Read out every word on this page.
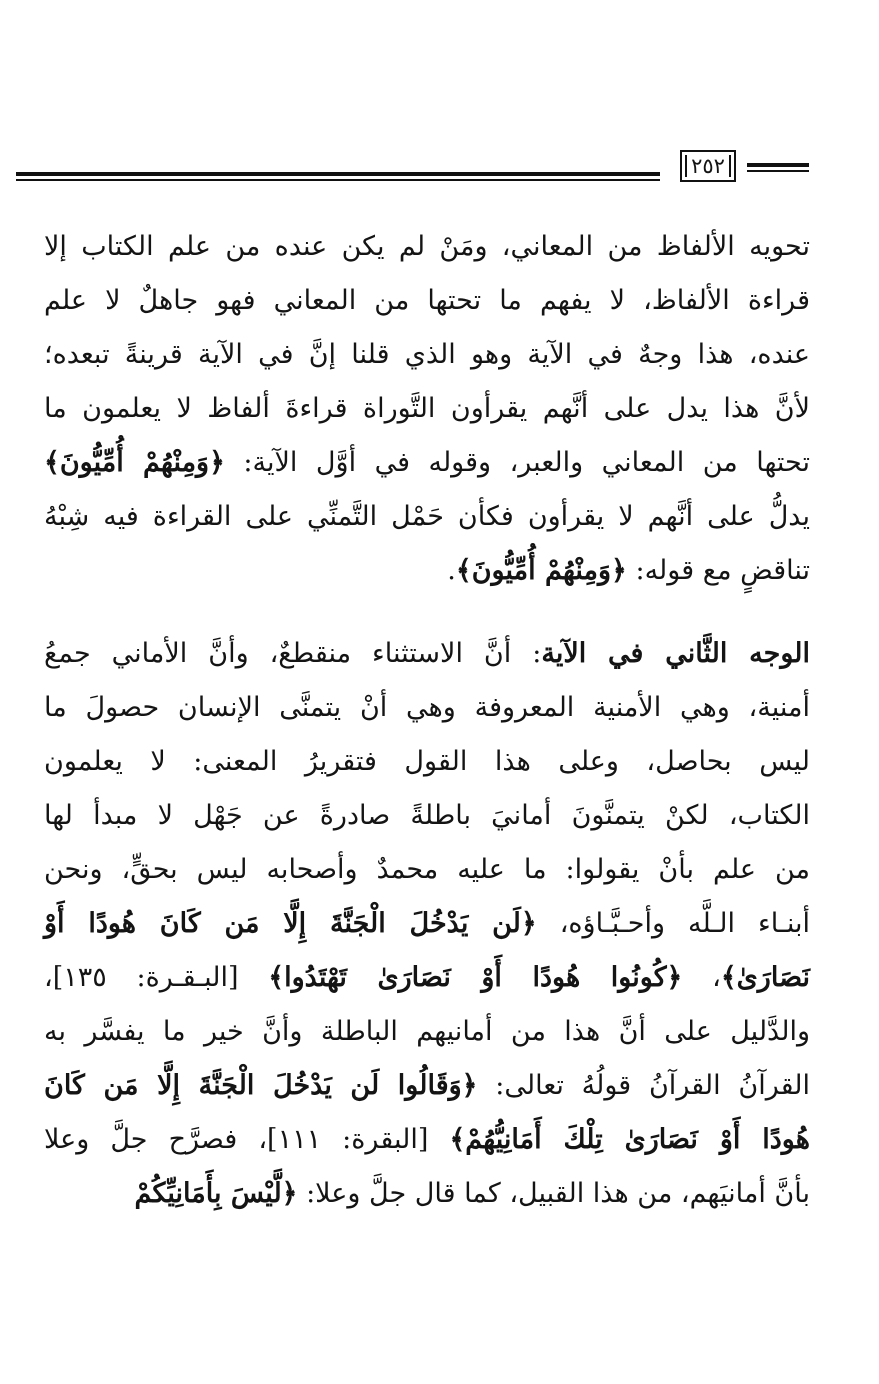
٢٥٢
تحويه الألفاظ من المعاني، ومَنْ لم يكن عنده من علم الكتاب إلا
قراءة الألفاظ، لا يفهم ما تحتها من المعاني فهو جاهلٌ لا علم
عنده، هذا وجهٌ في الآية وهو الذي قلنا إنَّ في الآية قرينةً تبعده؛
لأنَّ هذا يدل على أنَّهم يقرأون التَّوراة قراءةَ ألفاظ لا يعلمون ما
تحتها من المعاني والعبر، وقوله في أوَّل الآية: ﴿وَمِنْهُمْ أُمِّيُّونَ﴾
يدلُّ على أنَّهم لا يقرأون فكأن حَمْل التَّمنِّي على القراءة فيه شِبْهُ
تناقضٍ مع قوله: ﴿وَمِنْهُمْ أُمِّيُّونَ﴾.
الوجه الثَّاني في الآية: أنَّ الاستثناء منقطعٌ، وأنَّ الأماني جمعُ
أمنية، وهي الأمنية المعروفة وهي أنْ يتمنَّى الإنسان حصولَ ما
ليس بحاصل، وعلى هذا القول فتقريرُ المعنى: لا يعلمون
الكتاب، لكنْ يتمنَّونَ أمانيَ باطلةً صادرةً عن جَهْل لا مبدأ لها
من علم بأنْ يقولوا: ما عليه محمدٌ وأصحابه ليس بحقٍّ، ونحن
أبنـاء الـلَّه وأحـبَّـاؤه، ﴿لَن يَدْخُلَ الْجَنَّةَ إِلَّا مَن كَانَ هُودًا أَوْ
نَصَارَىٰ﴾، ﴿كُونُوا هُودًا أَوْ نَصَارَىٰ تَهْتَدُوا﴾ [البـقـرة: ١٣٥]،
والدَّليل على أنَّ هذا من أمانيهم الباطلة وأنَّ خير ما يفسَّر به
القرآنُ القرآنُ قولُهُ تعالى: ﴿وَقَالُوا لَن يَدْخُلَ الْجَنَّةَ إِلَّا مَن كَانَ
هُودًا أَوْ نَصَارَىٰ تِلْكَ أَمَانِيُّهُمْ﴾ [البقرة: ١١١]، فصرَّح جلَّ وعلا
بأنَّ أمانيَهم، من هذا القبيل، كما قال جلَّ وعلا: ﴿لَّيْسَ بِأَمَانِيِّكُمْ
